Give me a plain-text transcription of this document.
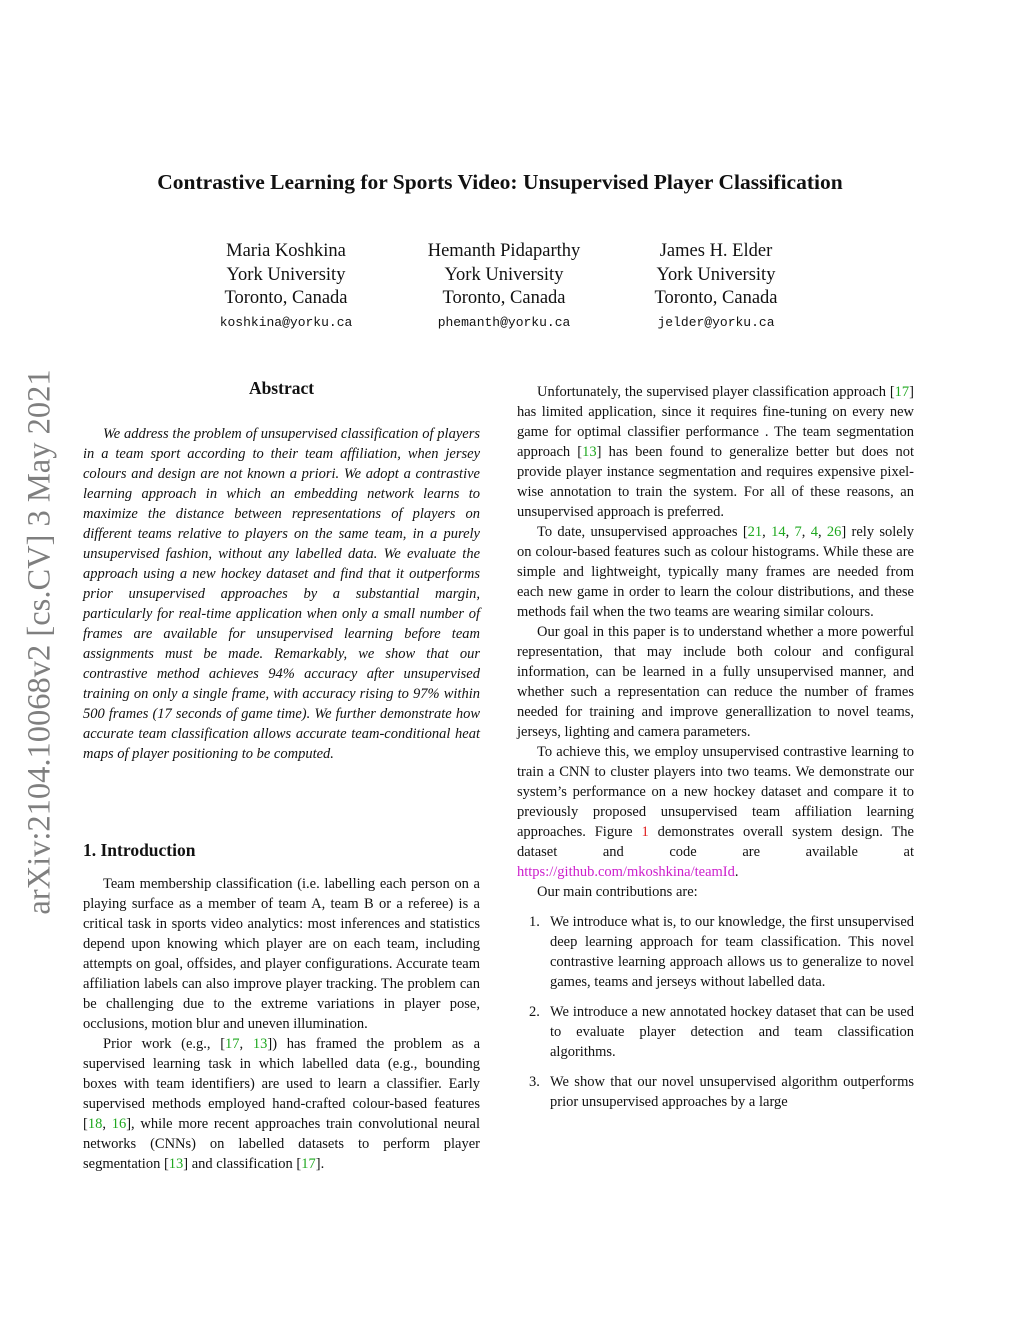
arXiv:2104.10068v2 [cs.CV] 3 May 2021
Contrastive Learning for Sports Video: Unsupervised Player Classification
Maria Koshkina
York University
Toronto, Canada
koshkina@yorku.ca
Hemanth Pidaparthy
York University
Toronto, Canada
phemanth@yorku.ca
James H. Elder
York University
Toronto, Canada
jelder@yorku.ca
Abstract

We address the problem of unsupervised classification of players in a team sport according to their team affiliation, when jersey colours and design are not known a priori. We adopt a contrastive learning approach in which an embedding network learns to maximize the distance between representations of players on different teams relative to players on the same team, in a purely unsupervised fashion, without any labelled data. We evaluate the approach using a new hockey dataset and find that it outperforms prior unsupervised approaches by a substantial margin, particularly for real-time application when only a small number of frames are available for unsupervised learning before team assignments must be made. Remarkably, we show that our contrastive method achieves 94% accuracy after unsupervised training on only a single frame, with accuracy rising to 97% within 500 frames (17 seconds of game time). We further demonstrate how accurate team classification allows accurate team-conditional heat maps of player positioning to be computed.

1. Introduction

Team membership classification (i.e. labelling each person on a playing surface as a member of team A, team B or a referee) is a critical task in sports video analytics: most inferences and statistics depend upon knowing which player are on each team, including attempts on goal, offsides, and player configurations. Accurate team affiliation labels can also improve player tracking. The problem can be challenging due to the extreme variations in player pose, occlusions, motion blur and uneven illumination.

Prior work (e.g., [17, 13]) has framed the problem as a supervised learning task in which labelled data (e.g., bounding boxes with team identifiers) are used to learn a classifier. Early supervised methods employed hand-crafted colour-based features [18, 16], while more recent approaches train convolutional neural networks (CNNs) on labelled datasets to perform player segmentation [13] and classification [17].

Unfortunately, the supervised player classification approach [17] has limited application, since it requires fine-tuning on every new game for optimal classifier performance . The team segmentation approach [13] has been found to generalize better but does not provide player instance segmentation and requires expensive pixel-wise annotation to train the system. For all of these reasons, an unsupervised approach is preferred.

To date, unsupervised approaches [21, 14, 7, 4, 26] rely solely on colour-based features such as colour histograms. While these are simple and lightweight, typically many frames are needed from each new game in order to learn the colour distributions, and these methods fail when the two teams are wearing similar colours.

Our goal in this paper is to understand whether a more powerful representation, that may include both colour and configural information, can be learned in a fully unsupervised manner, and whether such a representation can reduce the number of frames needed for training and improve generallization to novel teams, jerseys, lighting and camera parameters.

To achieve this, we employ unsupervised contrastive learning to train a CNN to cluster players into two teams. We demonstrate our system’s performance on a new hockey dataset and compare it to previously proposed unsupervised team affiliation learning approaches. Figure 1 demonstrates overall system design. The dataset and code are available at https://github.com/mkoshkina/teamId.

Our main contributions are:

1. We introduce what is, to our knowledge, the first unsupervised deep learning approach for team classification. This novel contrastive learning approach allows us to generalize to novel games, teams and jerseys without labelled data.
2. We introduce a new annotated hockey dataset that can be used to evaluate player detection and team classification algorithms.
3. We show that our novel unsupervised algorithm outperforms prior unsupervised approaches by a large
